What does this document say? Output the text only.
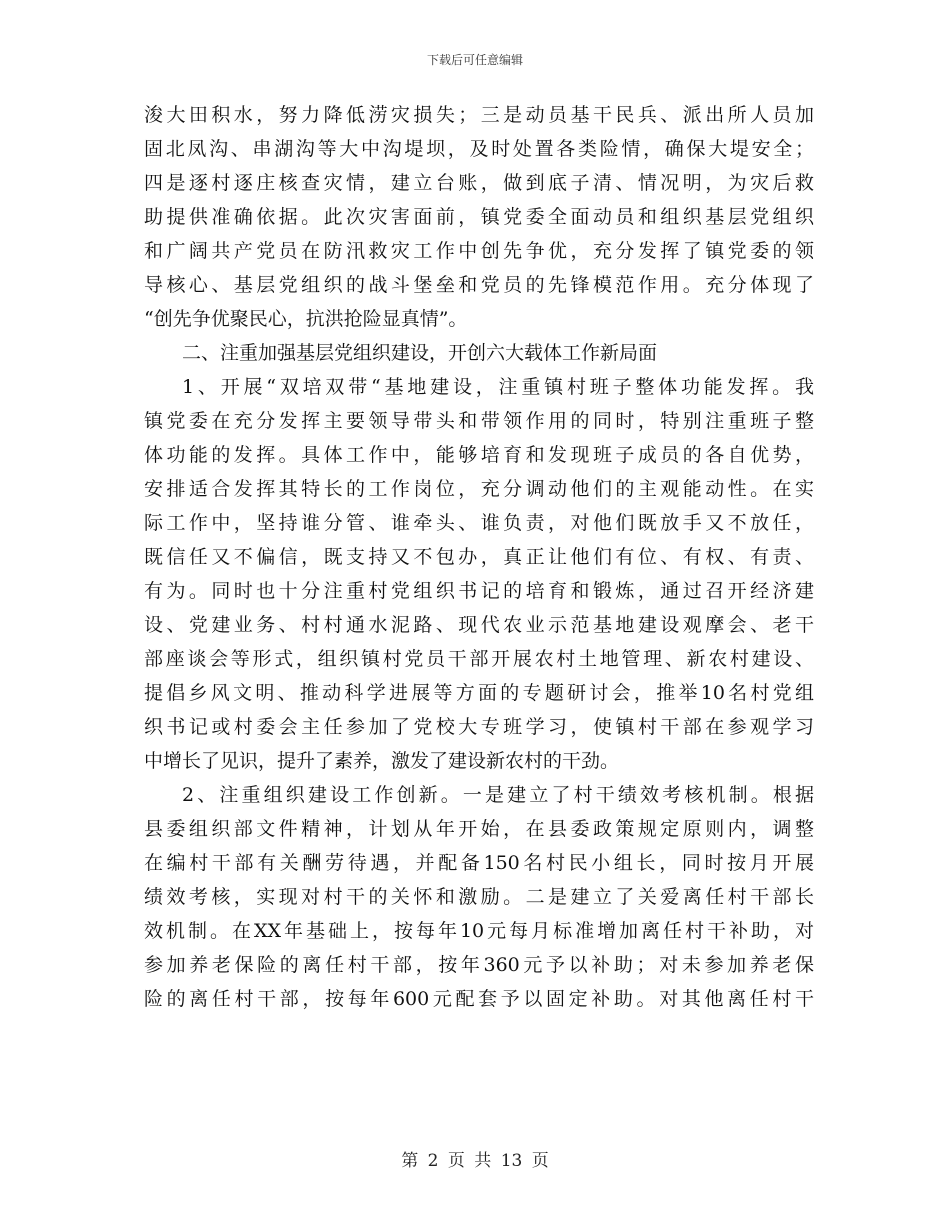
下载后可任意编辑
浚大田积水，努力降低涝灾损失；三是动员基干民兵、派出所人员加
固北凤沟、串湖沟等大中沟堤坝，及时处置各类险情，确保大堤安全；
四是逐村逐庄核查灾情，建立台账，做到底子清、情况明，为灾后救
助提供准确依据。此次灾害面前，镇党委全面动员和组织基层党组织
和广阔共产党员在防汛救灾工作中创先争优，充分发挥了镇党委的领
导核心、基层党组织的战斗堡垒和党员的先锋模范作用。充分体现了
“创先争优聚民心，抗洪抢险显真情”。
二、注重加强基层党组织建设，开创六大载体工作新局面
1、开展“双培双带“基地建设，注重镇村班子整体功能发挥。我
镇党委在充分发挥主要领导带头和带领作用的同时，特别注重班子整
体功能的发挥。具体工作中，能够培育和发现班子成员的各自优势，
安排适合发挥其特长的工作岗位，充分调动他们的主观能动性。在实
际工作中，坚持谁分管、谁牵头、谁负责，对他们既放手又不放任，
既信任又不偏信，既支持又不包办，真正让他们有位、有权、有责、
有为。同时也十分注重村党组织书记的培育和锻炼，通过召开经济建
设、党建业务、村村通水泥路、现代农业示范基地建设观摩会、老干
部座谈会等形式，组织镇村党员干部开展农村土地管理、新农村建设、
提倡乡风文明、推动科学进展等方面的专题研讨会，推举10名村党组
织书记或村委会主任参加了党校大专班学习，使镇村干部在参观学习
中增长了见识，提升了素养，激发了建设新农村的干劲。
2、注重组织建设工作创新。一是建立了村干绩效考核机制。根据
县委组织部文件精神，计划从年开始，在县委政策规定原则内，调整
在编村干部有关酬劳待遇，并配备150名村民小组长，同时按月开展
绩效考核，实现对村干的关怀和激励。二是建立了关爱离任村干部长
效机制。在XX年基础上，按每年10元每月标准增加离任村干补助，对
参加养老保险的离任村干部，按年360元予以补助；对未参加养老保
险的离任村干部，按每年600元配套予以固定补助。对其他离任村干
第 2 页 共 13 页
